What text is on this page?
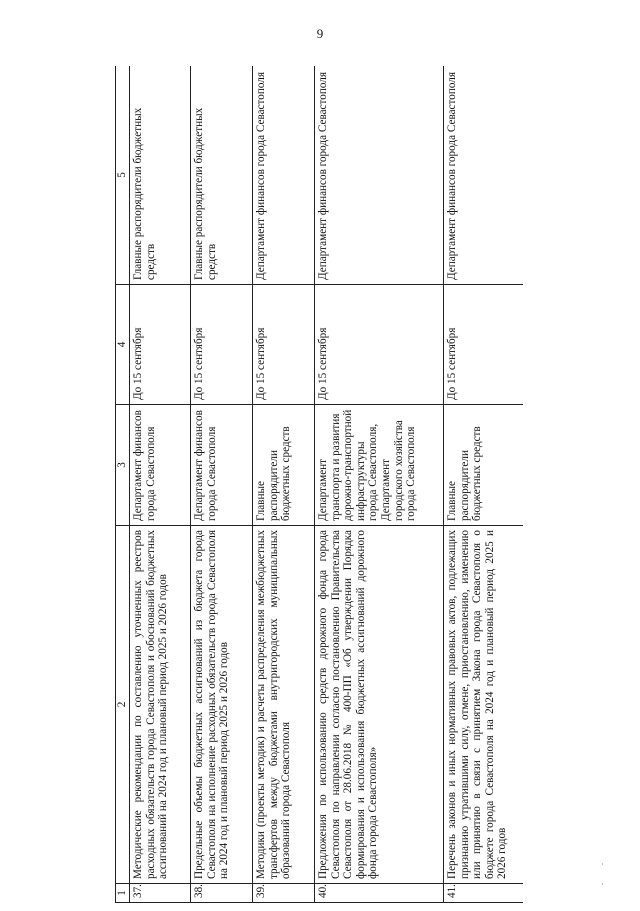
9
1	2	3	4	5
37.	Методические рекомендации по составлению уточненных реестров расходных обязательств города Севастополя и обоснований бюджетных ассигнований на 2024 год и плановый период 2025 и 2026 годов	Департамент финансов города Севастополя	До 15 сентября	Главные распорядители бюджетных средств
38.	Предельные объемы бюджетных ассигнований из бюджета города Севастополя на исполнение расходных обязательств города Севастополя на 2024 год и плановый период 2025 и 2026 годов	Департамент финансов города Севастополя	До 15 сентября	Главные распорядители бюджетных средств
39.	Методики (проекты методик) и расчеты распределения межбюджетных трансфертов между бюджетами внутригородских муниципальных образований города Севастополя	Главные распорядители бюджетных средств	До 15 сентября	Департамент финансов города Севастополя
40.	Предложения по использованию средств дорожного фонда города Севастополя по направлении согласно постановлению Правительства Севастополя от 28.06.2018 № 400-ПП «Об утверждении Порядка формирования и использования бюджетных ассигнований дорожного фонда города Севастополя»	Департамент транспорта и развития дорожно-транспортной инфраструктуры города Севастополя, Департамент городского хозяйства города Севастополя	До 15 сентября	Департамент финансов города Севастополя
41.	Перечень законов и иных нормативных правовых актов, подлежащих признанию утратившими силу, отмене, приостановлению, изменению или принятию в связи с принятием Закона города Севастополя о бюджете города Севастополя на 2024 год и плановый период 2025 и 2026 годов	Главные распорядители бюджетных средств	До 15 сентября	Департамент финансов города Севастополя
·
·
